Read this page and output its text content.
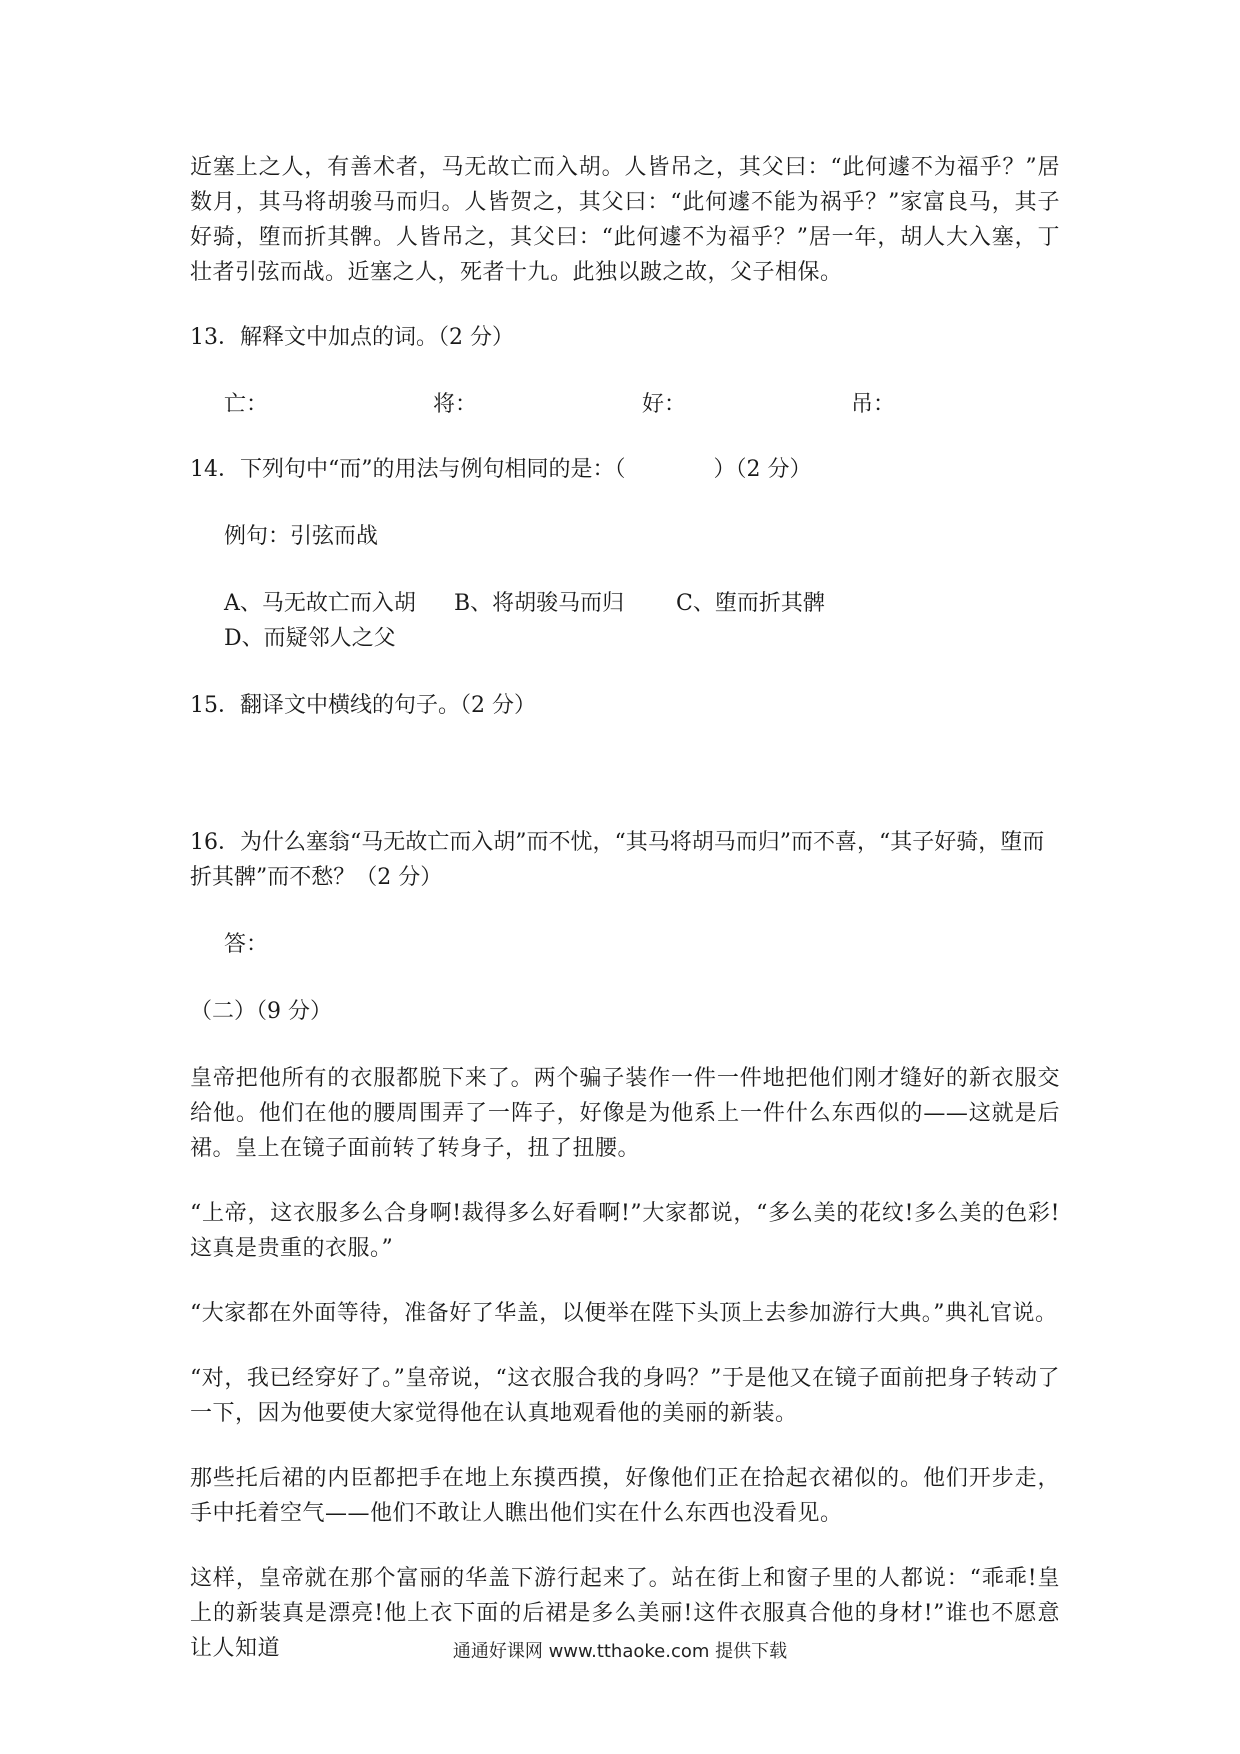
近塞上之人，有善术者，马无故亡而入胡。人皆吊之，其父曰：“此何遽不为福乎？”居数月，其马将胡骏马而归。人皆贺之，其父曰：“此何遽不能为祸乎？”家富良马，其子好骑，堕而折其髀。人皆吊之，其父曰：“此何遽不为福乎？”居一年，胡人大入塞，丁壮者引弦而战。近塞之人，死者十九。此独以跛之故，父子相保。

13．解释文中加点的词。（2 分）
亡：	将：	好：	吊：
14．下列句中“而”的用法与例句相同的是：（　　　　）（2 分）
例句：引弦而战
A、马无故亡而入胡 B、将胡骏马而归 C、堕而折其髀D、而疑邻人之父
15．翻译文中横线的句子。（2 分）
16．为什么塞翁“马无故亡而入胡”而不忧，“其马将胡马而归”而不喜，“其子好骑，堕而折其髀”而不愁？（2 分）
答：
（二）（9 分）

皇帝把他所有的衣服都脱下来了。两个骗子装作一件一件地把他们刚才缝好的新衣服交给他。他们在他的腰周围弄了一阵子，好像是为他系上一件什么东西似的——这就是后裙。皇上在镜子面前转了转身子，扭了扭腰。

“上帝，这衣服多么合身啊!裁得多么好看啊!”大家都说，“多么美的花纹!多么美的色彩!这真是贵重的衣服。”

“大家都在外面等待，准备好了华盖，以便举在陛下头顶上去参加游行大典。”典礼官说。

“对，我已经穿好了。”皇帝说，“这衣服合我的身吗？”于是他又在镜子面前把身子转动了一下，因为他要使大家觉得他在认真地观看他的美丽的新装。

那些托后裙的内臣都把手在地上东摸西摸，好像他们正在拾起衣裙似的。他们开步走，手中托着空气——他们不敢让人瞧出他们实在什么东西也没看见。

这样，皇帝就在那个富丽的华盖下游行起来了。站在街上和窗子里的人都说：“乖乖!皇上的新装真是漂亮!他上衣下面的后裙是多么美丽!这件衣服真合他的身材!”谁也不愿意让人知道	通通好课网 www.tthaoke.com 提供下载
